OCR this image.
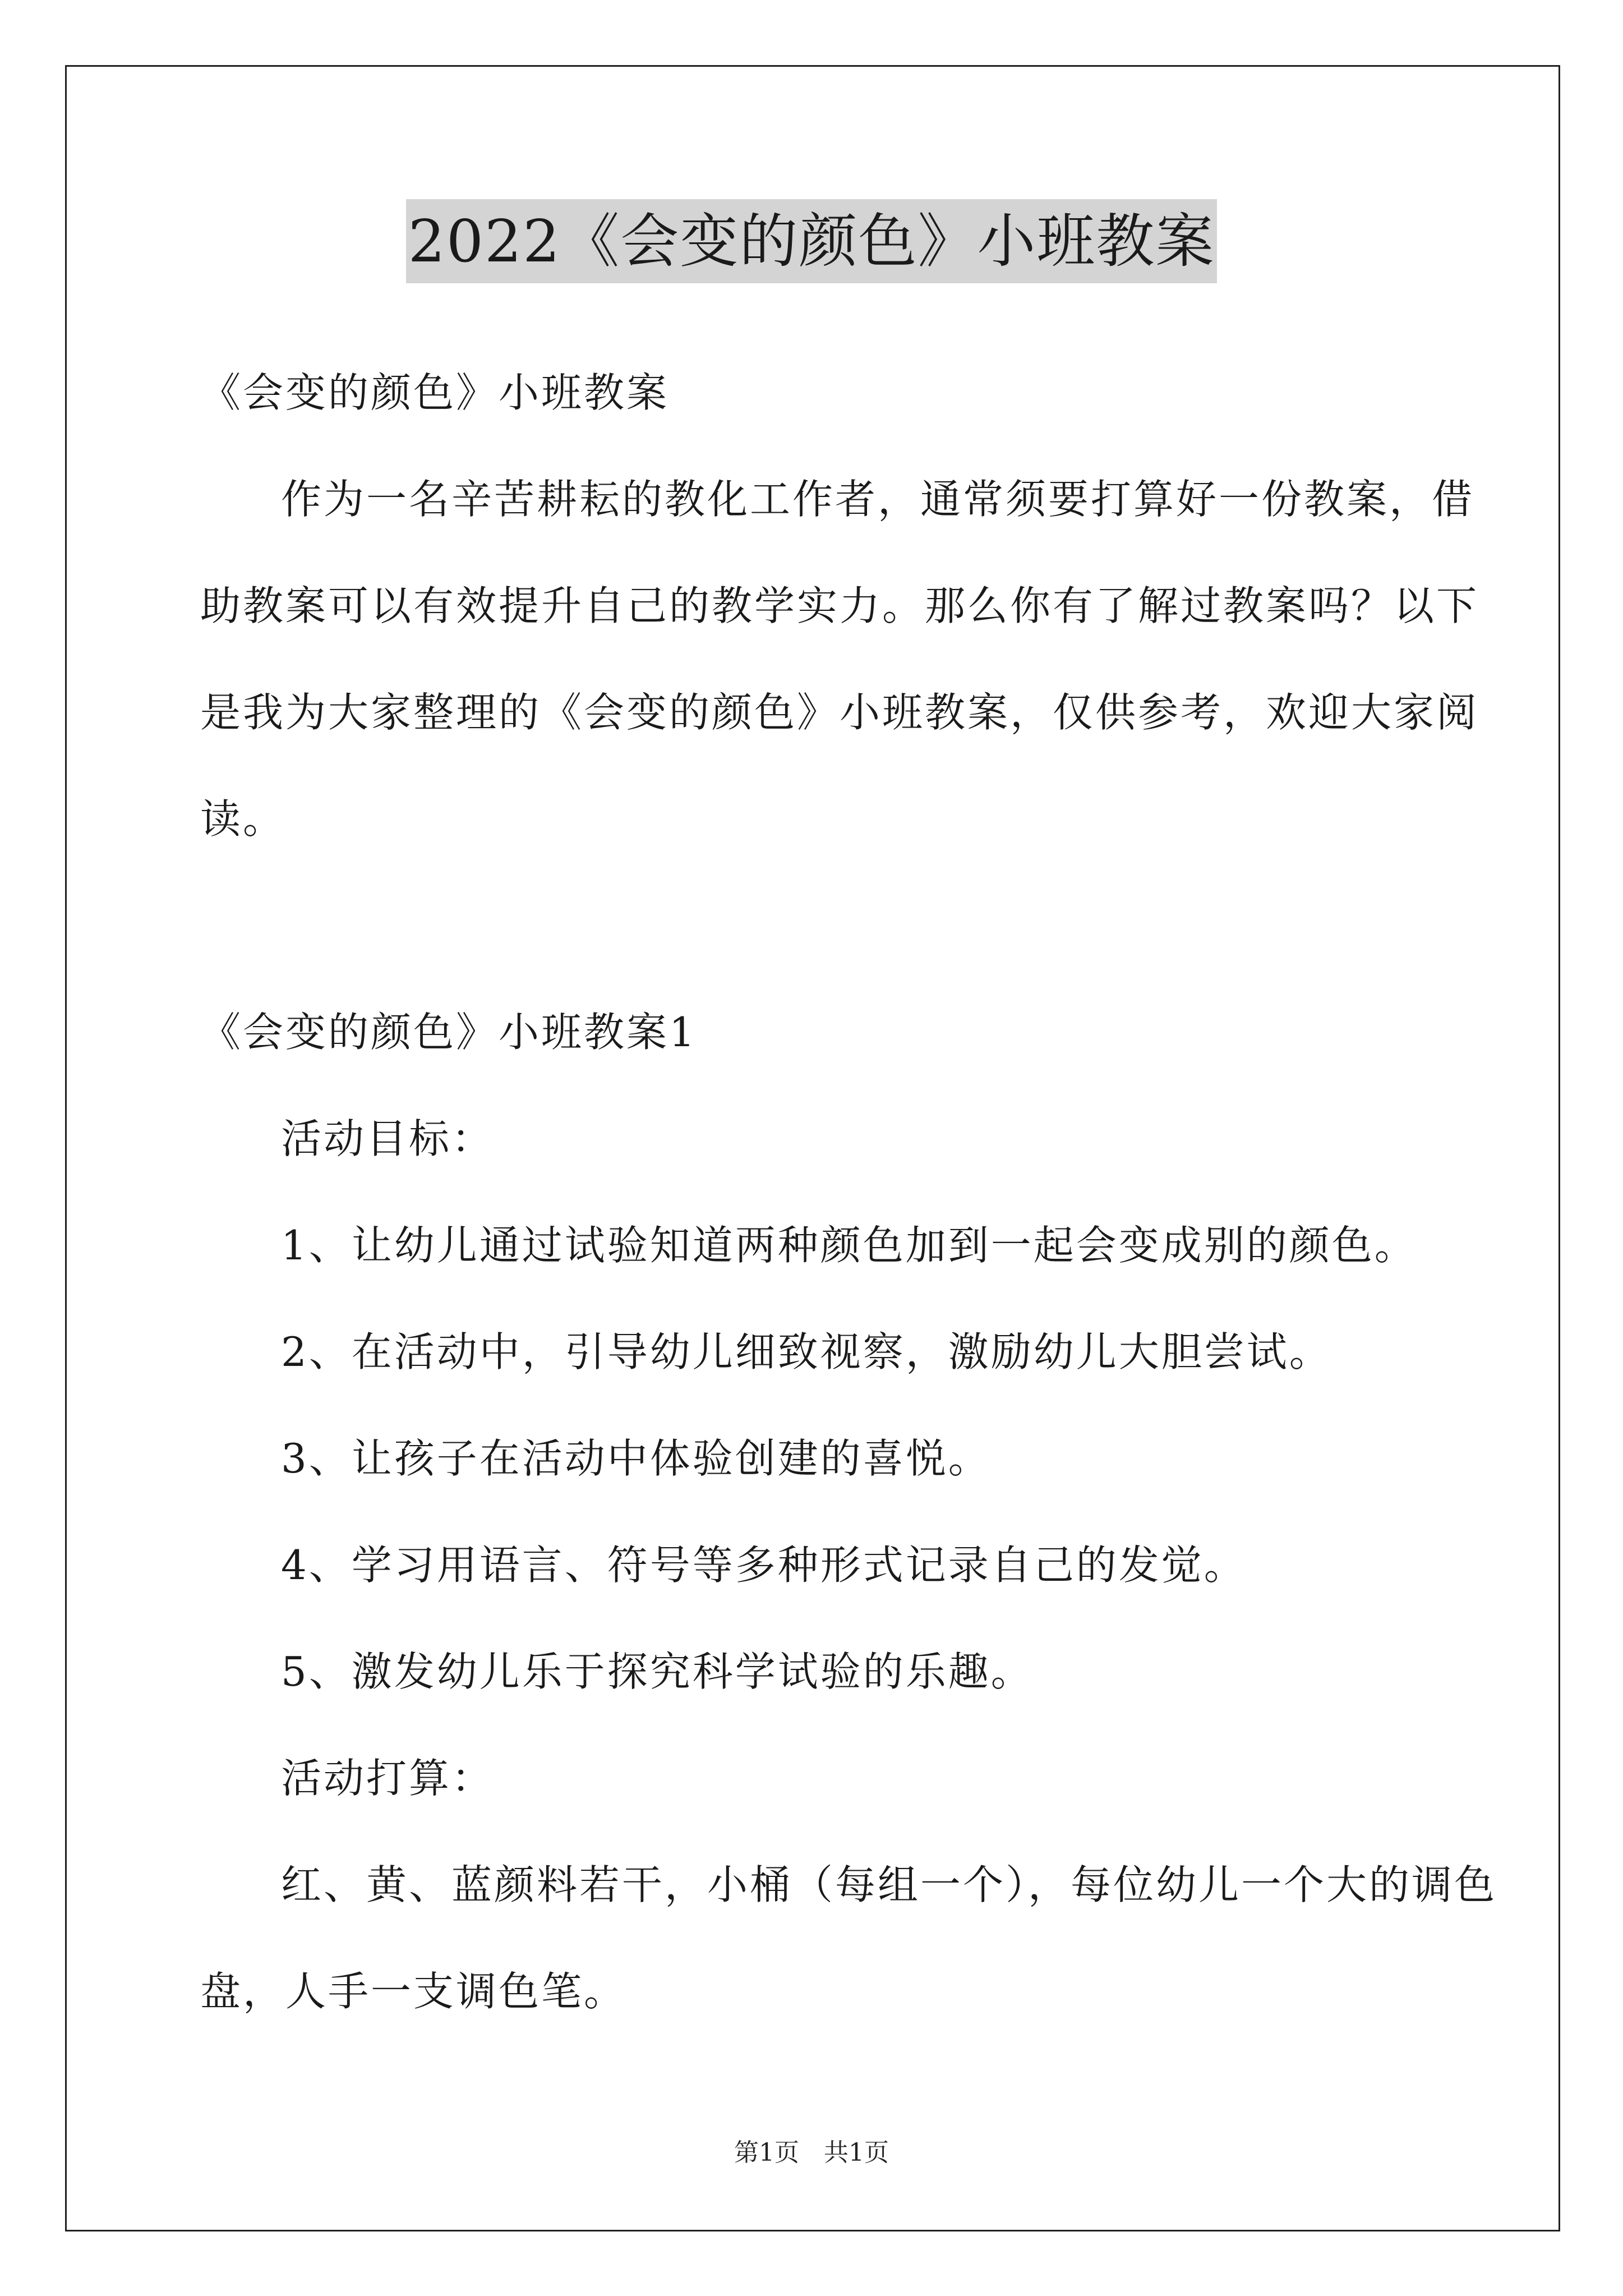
2022《会变的颜色》小班教案
《会变的颜色》小班教案
作为一名辛苦耕耘的教化工作者，通常须要打算好一份教案，借
助教案可以有效提升自己的教学实力。那么你有了解过教案吗？以下
是我为大家整理的《会变的颜色》小班教案，仅供参考，欢迎大家阅
读。
《会变的颜色》小班教案1
活动目标：
1、让幼儿通过试验知道两种颜色加到一起会变成别的颜色。
2、在活动中，引导幼儿细致视察，激励幼儿大胆尝试。
3、让孩子在活动中体验创建的喜悦。
4、学习用语言、符号等多种形式记录自己的发觉。
5、激发幼儿乐于探究科学试验的乐趣。
活动打算：
红、黄、蓝颜料若干，小桶（每组一个），每位幼儿一个大的调色
盘，人手一支调色笔。
第1页　共1页
